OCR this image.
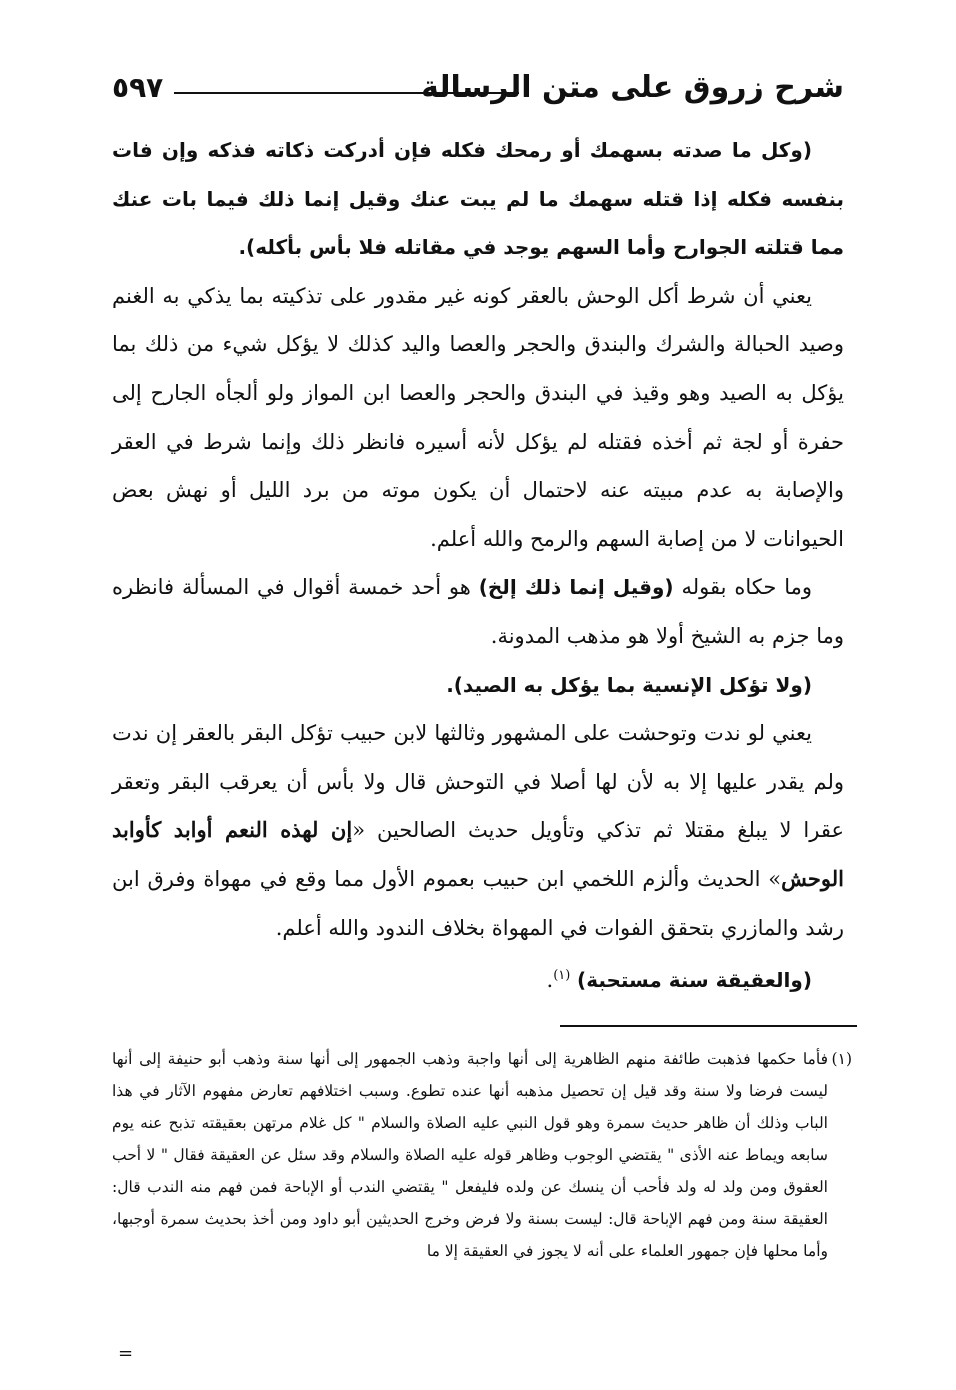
شرح زروق على متن الرسالة
٥٩٧

(وكل ما صدته بسهمك أو رمحك فكله فإن أدركت ذكاته فذكه وإن فات بنفسه فكله إذا قتله سهمك ما لم يبت عنك وقيل إنما ذلك فيما بات عنك مما قتلته الجوارح وأما السهم يوجد في مقاتله فلا بأس بأكله).

يعني أن شرط أكل الوحش بالعقر كونه غير مقدور على تذكيته بما يذكي به الغنم وصيد الحبالة والشرك والبندق والحجر والعصا واليد كذلك لا يؤكل شيء من ذلك بما يؤكل به الصيد وهو وقيذ في البندق والحجر والعصا ابن المواز ولو ألجأه الجارح إلى حفرة أو لجة ثم أخذه فقتله لم يؤكل لأنه أسيره فانظر ذلك وإنما شرط في العقر والإصابة به عدم مبيته عنه لاحتمال أن يكون موته من برد الليل أو نهش بعض الحيوانات لا من إصابة السهم والرمح والله أعلم.

وما حكاه بقوله (وقيل إنما ذلك إلخ) هو أحد خمسة أقوال في المسألة فانظره وما جزم به الشيخ أولا هو مذهب المدونة.

(ولا تؤكل الإنسية بما يؤكل به الصيد).

يعني لو ندت وتوحشت على المشهور وثالثها لابن حبيب تؤكل البقر بالعقر إن ندت ولم يقدر عليها إلا به لأن لها أصلا في التوحش قال ولا بأس أن يعرقب البقر وتعقر عقرا لا يبلغ مقتلا ثم تذكي وتأويل حديث الصالحين «إن لهذه النعم أوابد كأوابد الوحش» الحديث وألزم اللخمي ابن حبيب بعموم الأول مما وقع في مهواة وفرق ابن رشد والمازري بتحقق الفوات في المهواة بخلاف الندود والله أعلم.

(والعقيقة سنة مستحبة) $^{(١)}$.

(١)
فأما حكمها فذهبت طائفة منهم الظاهرية إلى أنها واجبة وذهب الجمهور إلى أنها سنة وذهب أبو حنيفة إلى أنها ليست فرضا ولا سنة وقد قيل إن تحصيل مذهبه أنها عنده تطوع. وسبب اختلافهم تعارض مفهوم الآثار في هذا الباب وذلك أن ظاهر حديث سمرة وهو قول النبي عليه الصلاة والسلام " كل غلام مرتهن بعقيقته تذبح عنه يوم سابعه ويماط عنه الأذى " يقتضي الوجوب وظاهر قوله عليه الصلاة والسلام وقد سئل عن العقيقة فقال " لا أحب العقوق ومن ولد له ولد فأحب أن ينسك عن ولده فليفعل " يقتضي الندب أو الإباحة فمن فهم منه الندب قال: العقيقة سنة ومن فهم الإباحة قال: ليست بسنة ولا فرض وخرج الحديثين أبو داود ومن أخذ بحديث سمرة أوجبها، وأما محلها فإن جمهور العلماء على أنه لا يجوز في العقيقة إلا ما

=
